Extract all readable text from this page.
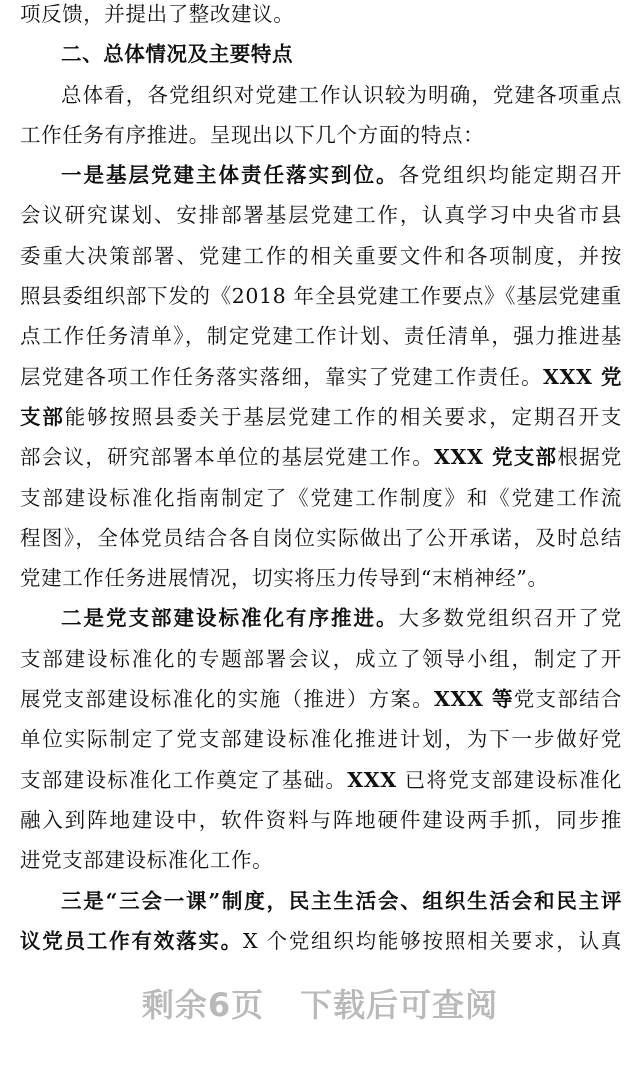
项反馈，并提出了整改建议。
二、总体情况及主要特点
总体看，各党组织对党建工作认识较为明确，党建各项重点
工作任务有序推进。呈现出以下几个方面的特点：
一是基层党建主体责任落实到位。各党组织均能定期召开
会议研究谋划、安排部署基层党建工作，认真学习中央省市县
委重大决策部署、党建工作的相关重要文件和各项制度，并按
照县委组织部下发的《2018 年全县党建工作要点》《基层党建重
点工作任务清单》，制定党建工作计划、责任清单，强力推进基
层党建各项工作任务落实落细，靠实了党建工作责任。XXX 党
支部能够按照县委关于基层党建工作的相关要求，定期召开支
部会议，研究部署本单位的基层党建工作。XXX 党支部根据党
支部建设标准化指南制定了《党建工作制度》和《党建工作流
程图》，全体党员结合各自岗位实际做出了公开承诺，及时总结
党建工作任务进展情况，切实将压力传导到“末梢神经”。
二是党支部建设标准化有序推进。大多数党组织召开了党
支部建设标准化的专题部署会议，成立了领导小组，制定了开
展党支部建设标准化的实施（推进）方案。XXX 等党支部结合
单位实际制定了党支部建设标准化推进计划，为下一步做好党
支部建设标准化工作奠定了基础。XXX 已将党支部建设标准化
融入到阵地建设中，软件资料与阵地硬件建设两手抓，同步推
进党支部建设标准化工作。
三是“三会一课”制度，民主生活会、组织生活会和民主评
议党员工作有效落实。X 个党组织均能够按照相关要求，认真
剩余6页 下载后可查阅
